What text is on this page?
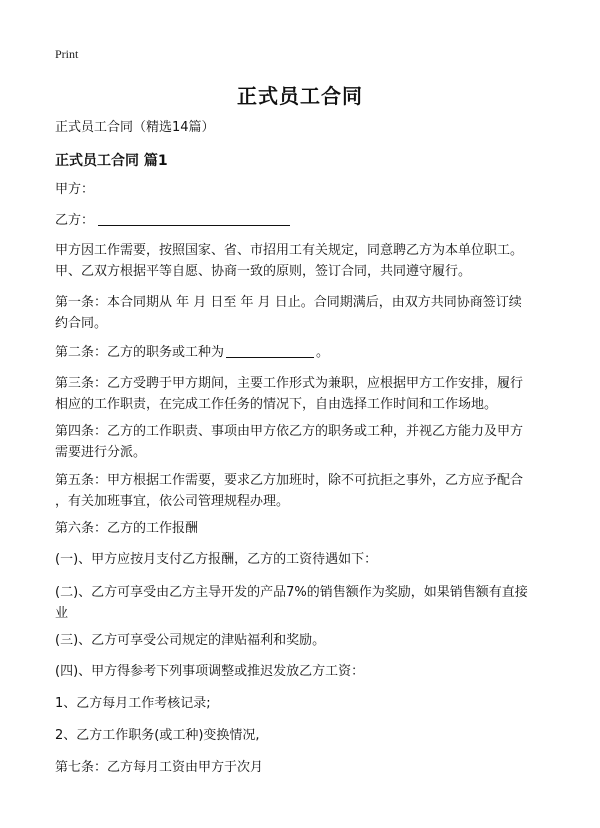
Print
正式员工合同
正式员工合同（精选14篇）
正式员工合同 篇1
甲方：
乙方：
甲方因工作需要，按照国家、省、市招用工有关规定，同意聘乙方为本单位职工。
甲、乙双方根据平等自愿、协商一致的原则，签订合同，共同遵守履行。
第一条：本合同期从 年 月 日至 年 月 日止。合同期满后，由双方共同协商签订续
约合同。
第二条：乙方的职务或工种为	。
第三条：乙方受聘于甲方期间，主要工作形式为兼职，应根据甲方工作安排，履行
相应的工作职责，在完成工作任务的情况下，自由选择工作时间和工作场地。
第四条：乙方的工作职责、事项由甲方依乙方的职务或工种，并视乙方能力及甲方
需要进行分派。
第五条：甲方根据工作需要，要求乙方加班时，除不可抗拒之事外，乙方应予配合
，有关加班事宜，依公司管理规程办理。
第六条：乙方的工作报酬
(一)、甲方应按月支付乙方报酬，乙方的工资待遇如下：
(二)、乙方可享受由乙方主导开发的产品7%的销售额作为奖励，如果销售额有直接
业
(三)、乙方可享受公司规定的津贴福利和奖励。
(四)、甲方得参考下列事项调整或推迟发放乙方工资：
1、乙方每月工作考核记录;
2、乙方工作职务(或工种)变换情况,
第七条：乙方每月工资由甲方于次月
